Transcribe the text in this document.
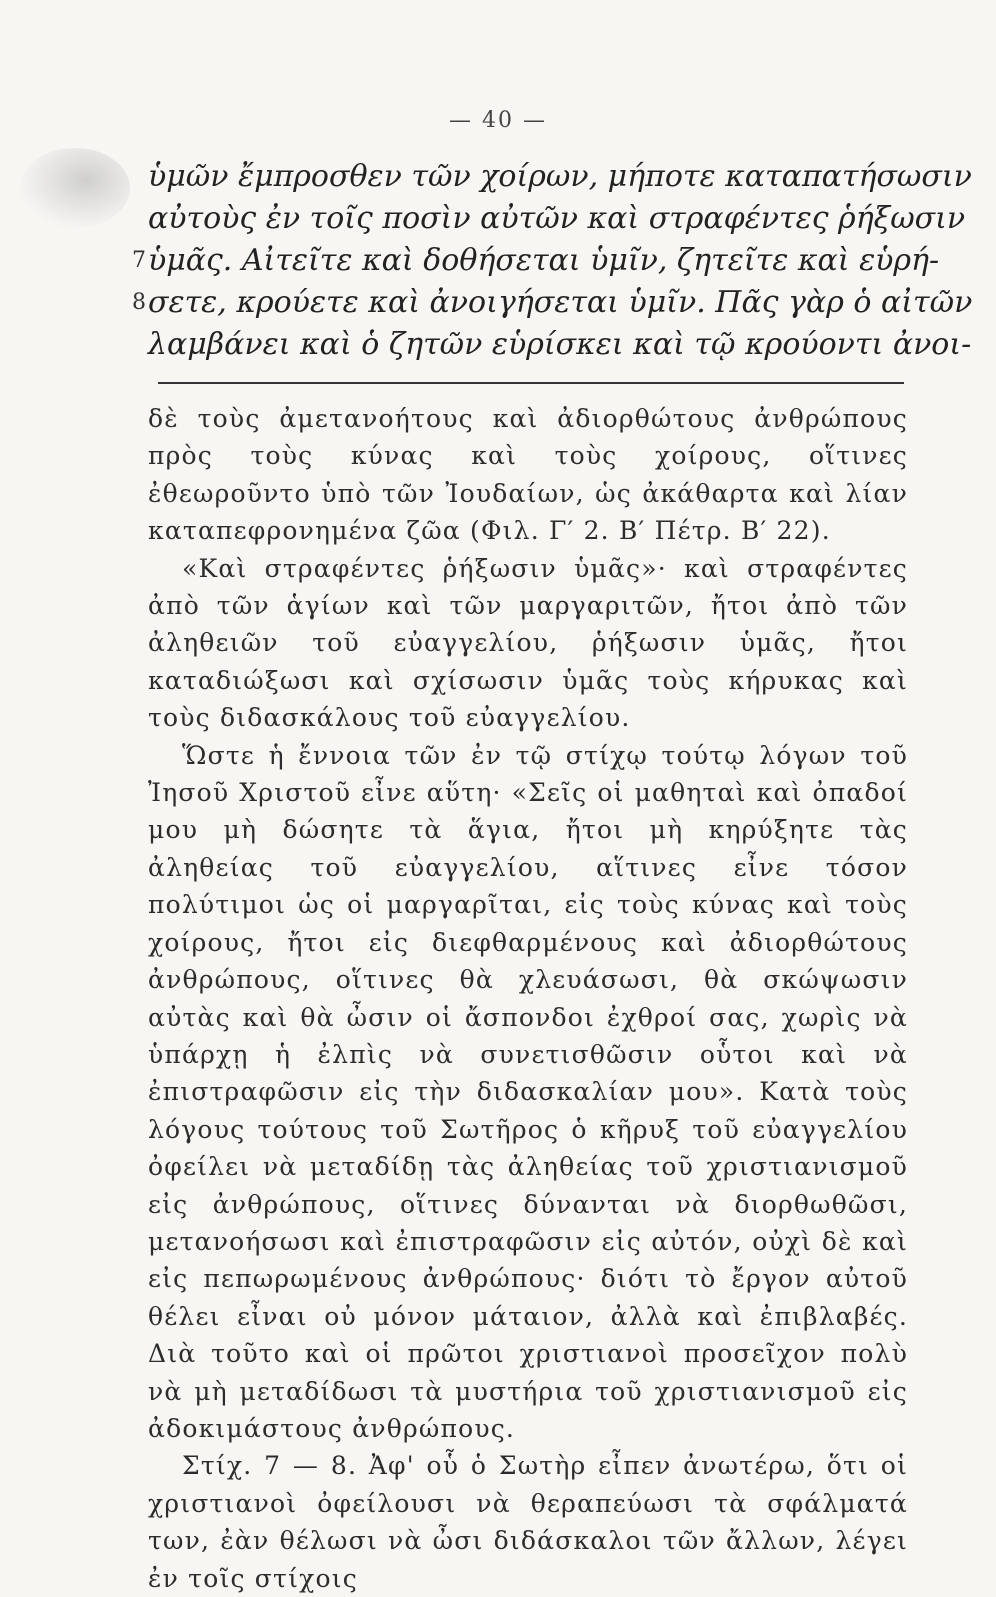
— 40 —
ὑμῶν ἔμπροσθεν τῶν χοίρων, μήποτε καταπατήσωσιν
αὐτοὺς ἐν τοῖς ποσὶν αὐτῶν καὶ στραφέντες ῥήξωσιν
7 ὑμᾶς. Αἰτεῖτε καὶ δοθήσεται ὑμῖν, ζητεῖτε καὶ εὑρή-
8 σετε, κρούετε καὶ ἀνοιγήσεται ὑμῖν. Πᾶς γὰρ ὁ αἰτῶν
λαμβάνει καὶ ὁ ζητῶν εὑρίσκει καὶ τῷ κρούοντι ἀνοι-

δὲ τοὺς ἀμετανοήτους καὶ ἀδιορθώτους ἀνθρώπους πρὸς τοὺς κύνας καὶ τοὺς χοίρους, οἵτινες ἐθεωροῦντο ὑπὸ τῶν Ἰουδαίων, ὡς ἀκάθαρτα καὶ λίαν καταπεφρονημένα ζῶα (Φιλ. Γ′ 2. Β′ Πέτρ. Β′ 22).

«Καὶ στραφέντες ῥήξωσιν ὑμᾶς»· καὶ στραφέντες ἀπὸ τῶν ἁγίων καὶ τῶν μαργαριτῶν, ἤτοι ἀπὸ τῶν ἀληθειῶν τοῦ εὐαγγελίου, ῥήξωσιν ὑμᾶς, ἤτοι καταδιώξωσι καὶ σχίσωσιν ὑμᾶς τοὺς κήρυκας καὶ τοὺς διδασκάλους τοῦ εὐαγγελίου.

Ὥστε ἡ ἔννοια τῶν ἐν τῷ στίχῳ τούτῳ λόγων τοῦ Ἰησοῦ Χριστοῦ εἶνε αὕτη· «Σεῖς οἱ μαθηταὶ καὶ ὀπαδοί μου μὴ δώσητε τὰ ἅγια, ἤτοι μὴ κηρύξητε τὰς ἀληθείας τοῦ εὐαγγελίου, αἵτινες εἶνε τόσον πολύτιμοι ὡς οἱ μαργαρῖται, εἰς τοὺς κύνας καὶ τοὺς χοίρους, ἤτοι εἰς διεφθαρμένους καὶ ἀδιορθώτους ἀνθρώπους, οἵτινες θὰ χλευάσωσι, θὰ σκώψωσιν αὐτὰς καὶ θὰ ὦσιν οἱ ἄσπονδοι ἐχθροί σας, χωρὶς νὰ ὑπάρχῃ ἡ ἐλπὶς νὰ συνετισθῶσιν οὗτοι καὶ νὰ ἐπιστραφῶσιν εἰς τὴν διδασκαλίαν μου». Κατὰ τοὺς λόγους τούτους τοῦ Σωτῆρος ὁ κῆρυξ τοῦ εὐαγγελίου ὀφείλει νὰ μεταδίδῃ τὰς ἀληθείας τοῦ χριστιανισμοῦ εἰς ἀνθρώπους, οἵτινες δύνανται νὰ διορθωθῶσι, μετανοήσωσι καὶ ἐπιστραφῶσιν εἰς αὐτόν, οὐχὶ δὲ καὶ εἰς πεπωρωμένους ἀνθρώπους· διότι τὸ ἔργον αὐτοῦ θέλει εἶναι οὐ μόνον μάταιον, ἀλλὰ καὶ ἐπιβλαβές. Διὰ τοῦτο καὶ οἱ πρῶτοι χριστιανοὶ προσεῖχον πολὺ νὰ μὴ μεταδίδωσι τὰ μυστήρια τοῦ χριστιανισμοῦ εἰς ἀδοκιμάστους ἀνθρώπους.

Στίχ. 7 — 8. Ἀφ' οὗ ὁ Σωτὴρ εἶπεν ἀνωτέρω, ὅτι οἱ χριστιανοὶ ὀφείλουσι νὰ θεραπεύωσι τὰ σφάλματά των, ἐὰν θέλωσι νὰ ὦσι διδάσκαλοι τῶν ἄλλων, λέγει ἐν τοῖς στίχοις
